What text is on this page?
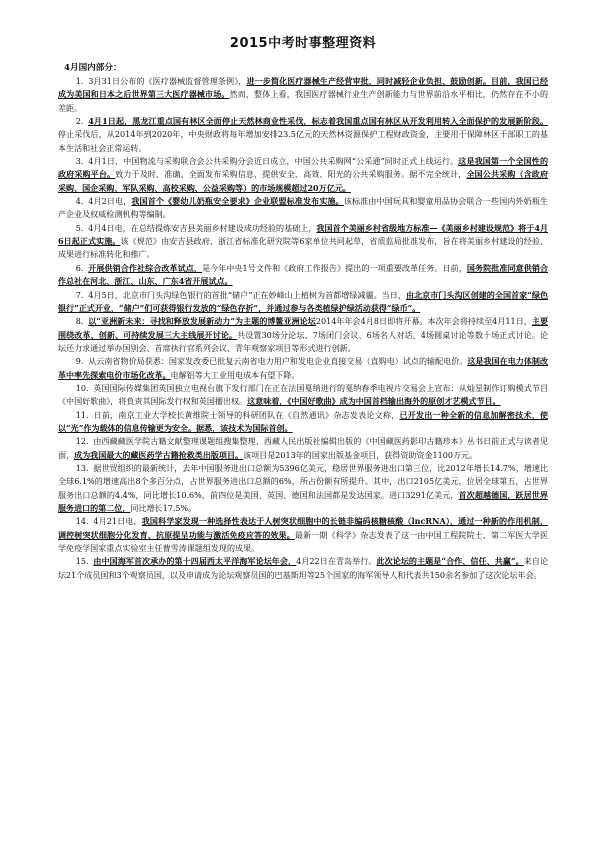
2015中考时事整理资料
4月国内部分：

1. 3月31日公布的《医疗器械监督管理条例》，进一步简化医疗器械生产经营审批，同时减轻企业负担、鼓励创新。目前，我国已经成为美国和日本之后世界第三大医疗器械市场。然而，整体上看，我国医疗器械行业生产创新能力与世界前沿水平相比，仍然存在不小的差距。

2. 4月1日起，黑龙江重点国有林区全面停止天然林商业性采伐，标志着我国重点国有林区从开发利用转入全面保护的发展新阶段。停止采伐后，从2014年到2020年，中央财政将每年增加安排23.5亿元的天然林资源保护工程财政资金，主要用于保障林区干部职工的基本生活和社会正常运转。

3. 4月1日，中国物流与采购联合会公共采购分会近日成立，中国公共采购网“公采通”同时正式上线运行。这是我国第一个全国性的政府采购平台。致力于及时、准确、全面发布采购信息，提供安全、高效、阳光的公共采购服务。据不完全统计，全国公共采购（含政府采购、国企采购、军队采购、高校采购、公益采购等）的市场规模超过20万亿元。

4. 4月2日电，我国首个《婴幼儿奶瓶安全要求》企业联盟标准发布实施。该标准由中国玩具和婴童用品协会联合一些国内外奶瓶生产企业及权威检测机构等编制。

5. 4月4日电，在总结提炼安吉县美丽乡村建设成功经验的基础上，我国首个美丽乡村省级地方标准—《美丽乡村建设规范》将于4月6日起正式实施。该《规范》由安吉县政府、浙江省标准化研究院等6家单位共同起草，省质监局批准发布，旨在将美丽乡村建设的经验、成果进行标准转化和推广。

6. 开展供销合作社综合改革试点，是今年中央1号文件和《政府工作报告》提出的一项重要改革任务。日前，国务院批准同意供销合作总社在河北、浙江、山东、广东4省开展试点。

7. 4月5日，北京市门头沟绿色银行的首批“储户”正在妙峰山上植树为首都增绿减霾。当日，由北京市门头沟区创建的全国首家“绿色银行”正式开业，“储户”们可获得银行发放的“绿色存折”，并通过参与各类植绿护绿活动获得“绿币”。

8. 以“亚洲新未来：寻找和释放发展新动力”为主题的博鳌亚洲论坛2014年年会4月8日即将开幕。本次年会将持续至4月11日，主要围绕改革、创新、可持续发展三大主线展开讨论。共设置30场分论坛、7场闭门会议、6场名人对话、4场圆桌讨论等数十场正式讨论。论坛还力求通过举办国别会、首席执行官系列会议、青年观察家项目等形式进行创新。

9. 从云南省物价局获悉：国家发改委已批复云南省电力用户和发电企业直接交易（直购电）试点的输配电价。这是我国在电力体制改革中率先探索电价市场化改革。电解铝等大工业用电成本有望下降。

10. 英国国际传媒集团英国独立电视台旗下发行部门在正在法国戛纳进行的戛纳春季电视片交易会上宣布：从灿星制作订购模式节目《中国好歌曲》，将負责其国际发行权和英国播出权。这意味着，《中国好歌曲》成为中国首档输出海外的原创才艺模式节目。

11. 日前，南京工业大学校长黄维院士领导的科研团队在《自然通讯》杂志发表论文称，已开发出一种全新的信息加解密技术，使以“光”作为载体的信息传输更为安全。据悉，该技术为国际首创。

12. 由西藏藏医学院古籍文献整理课题组搜集整理、西藏人民出版社编辑出版的《中国藏医药影印古籍珍本》丛书日前正式与读者见面，成为我国最大的藏医药学古籍抢救类出版项目。该项目是2013年的国家出版基金项目，获得资助资金1100万元。

13. 据世贸组织的最新统计，去年中国服务进出口总额为5396亿美元，稳居世界服务进出口第三位，比2012年增长14.7%，增速比全球6.1%的增速高出8个多百分点，占世界服务进出口总额的6%，所占份额有所提升。其中，出口2105亿美元，位居全球第五，占世界服务出口总额的4.4%，同比增长10.6%，前四位是美国、英国、德国和法国都是发达国家。进口3291亿美元，首次超越德国，跃居世界服务进口的第二位，同比增长17.5%。

14. 4月21日电，我国科学家发现一种选择性表达于人树突状细胞中的长链非编码核糖核酸（lncRNA），通过一种新的作用机制，调控树突状细胞分化发育、抗原提呈功能与激活免疫应答的效果。最新一期《科学》杂志发表了这一由中国工程院院士、第二军医大学医学免疫学国家重点实验室主任曹雪涛课题组发现的成果。

15. 由中国海军首次承办的第十四届西太平洋海军论坛年会，4月22日在青岛举行。此次论坛的主题是“合作、信任、共赢”。来自论坛21个成员国和3个观察员国，以及申请成为论坛观察员国的巴基斯坦等25个国家的海军领导人和代表共150余名参加了这次论坛年会。
